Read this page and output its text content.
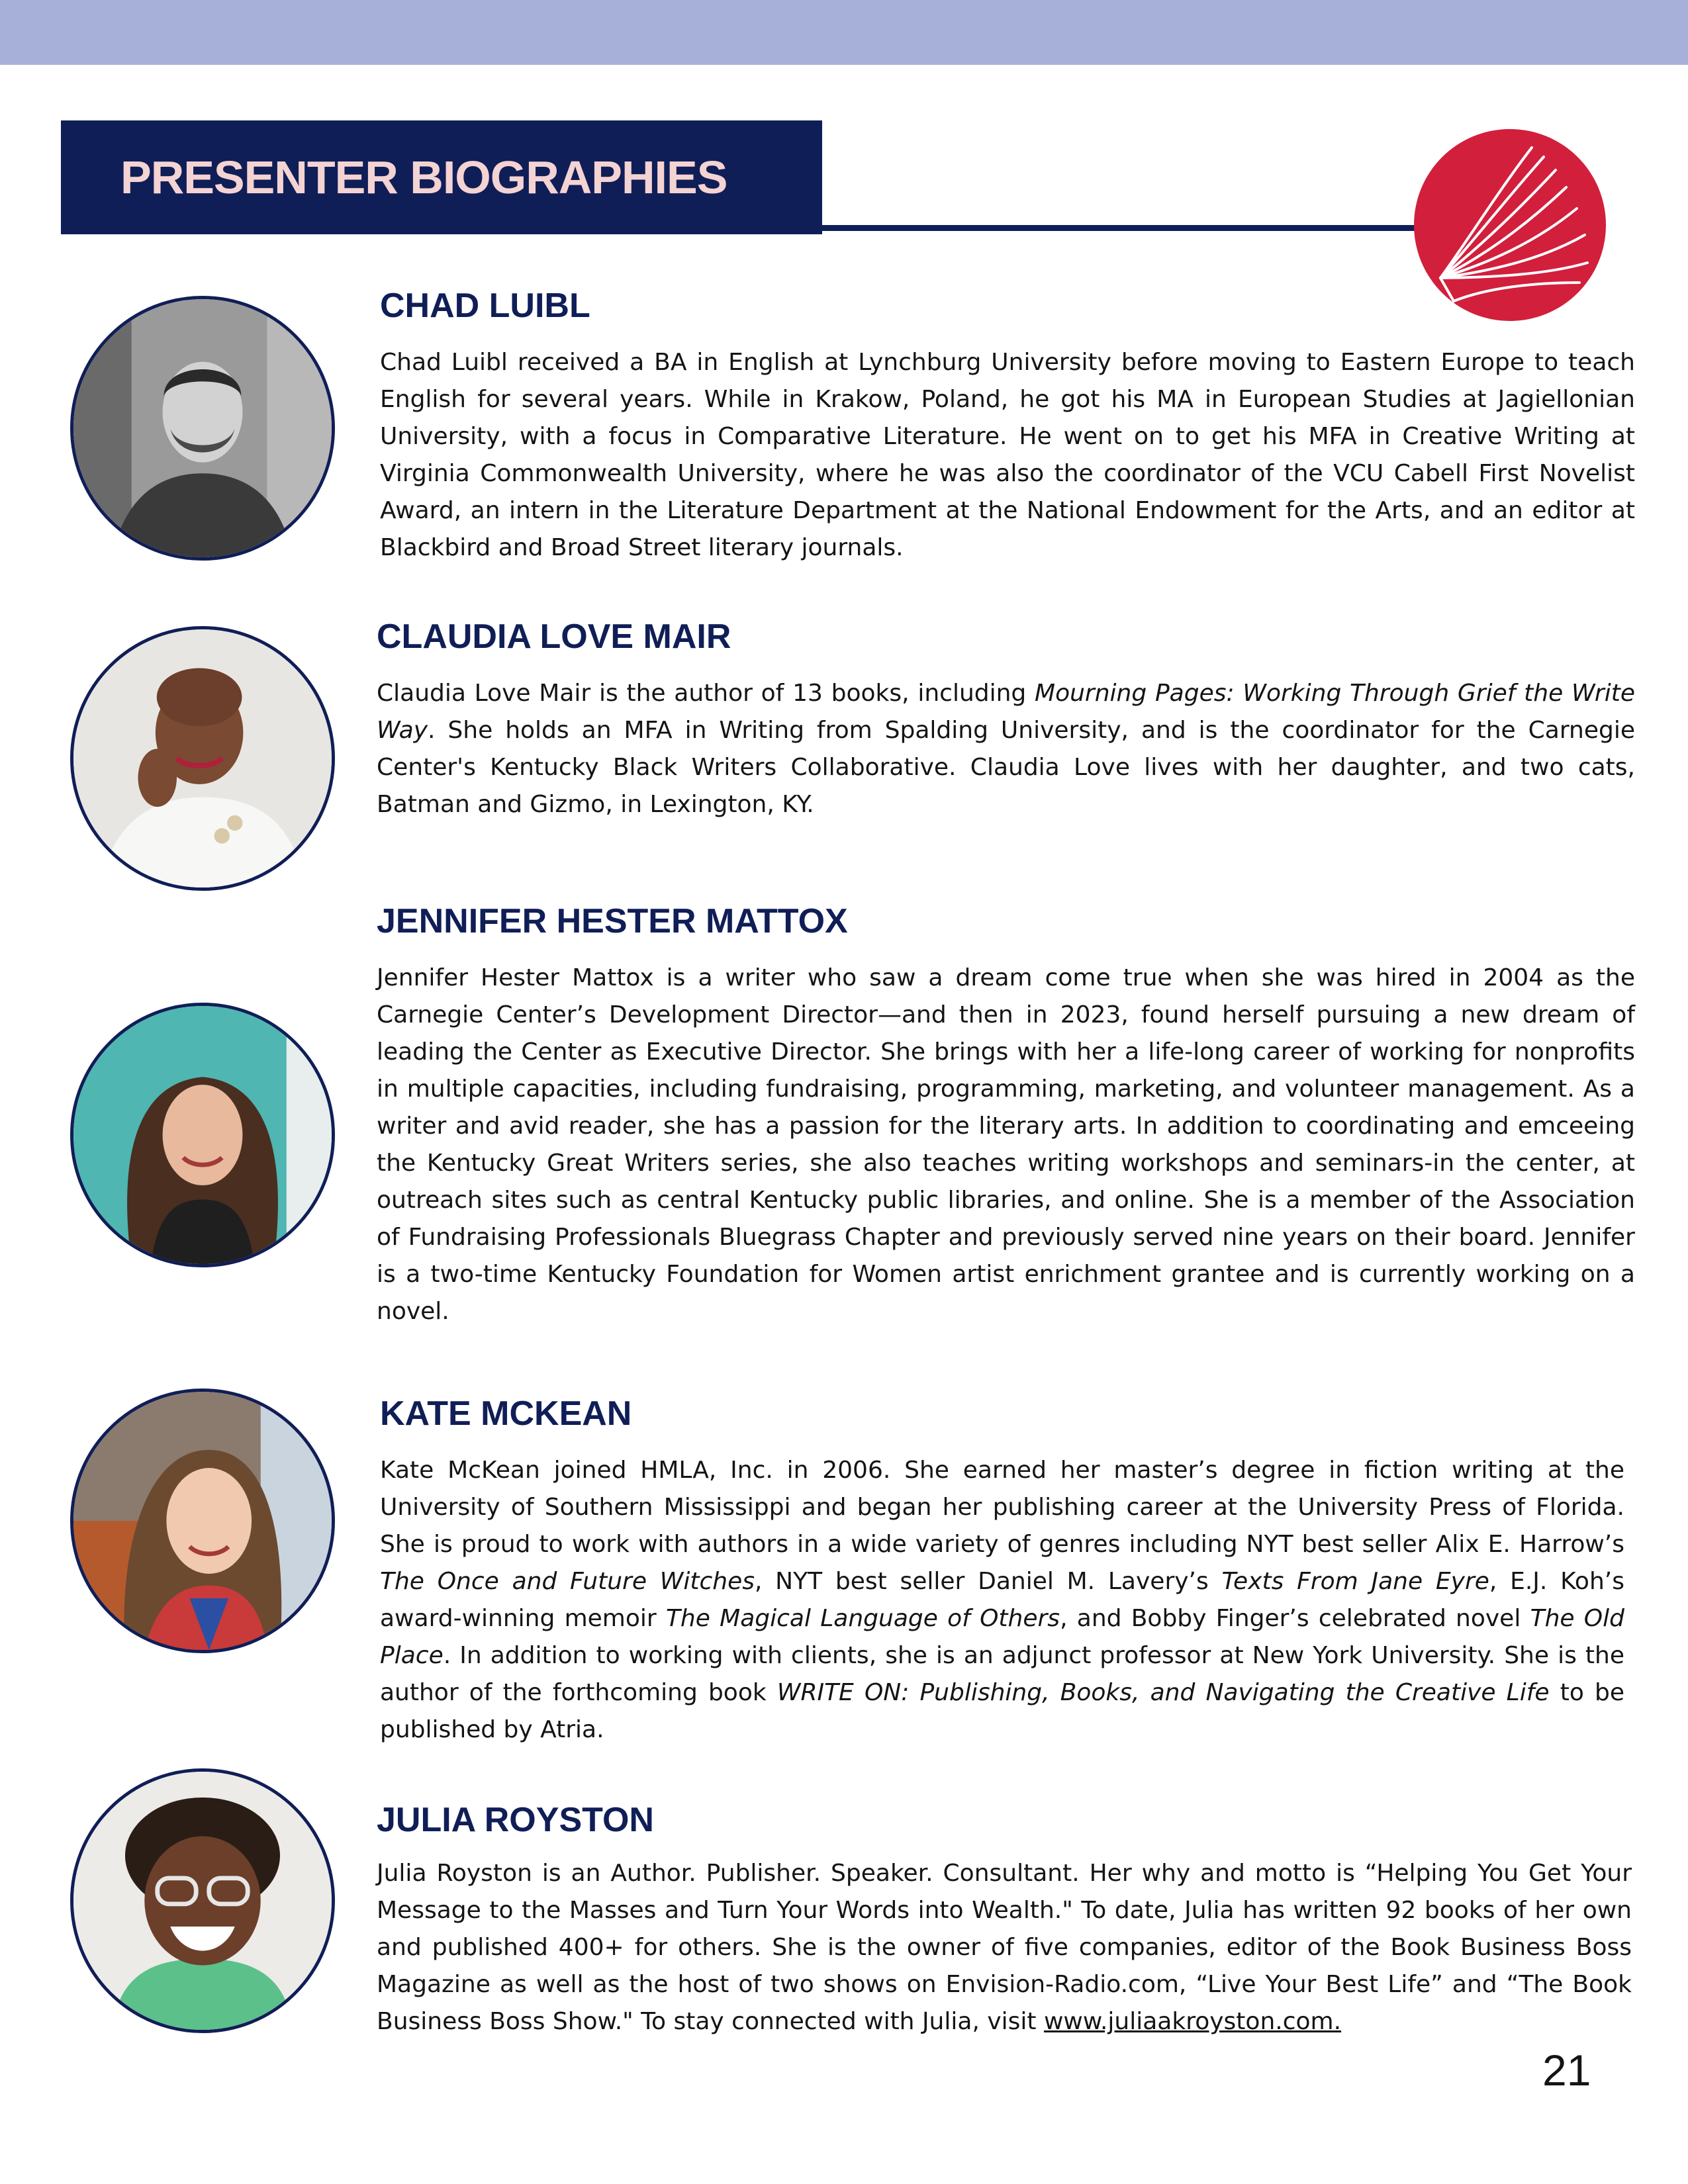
PRESENTER BIOGRAPHIES
CHAD LUIBL

Chad Luibl received a BA in English at Lynchburg University before moving to Eastern Europe to teach English for several years. While in Krakow, Poland, he got his MA in European Studies at Jagiellonian University, with a focus in Comparative Literature. He went on to get his MFA in Creative Writing at Virginia Commonwealth University, where he was also the coordinator of the VCU Cabell First Novelist Award, an intern in the Literature Department at the National Endowment for the Arts, and an editor at Blackbird and Broad Street literary journals.

CLAUDIA LOVE MAIR

Claudia Love Mair is the author of 13 books, including Mourning Pages: Working Through Grief the Write Way. She holds an MFA in Writing from Spalding University, and is the coordinator for the Carnegie Center's Kentucky Black Writers Collaborative. Claudia Love lives with her daughter, and two cats, Batman and Gizmo, in Lexington, KY.

JENNIFER HESTER MATTOX

Jennifer Hester Mattox is a writer who saw a dream come true when she was hired in 2004 as the Carnegie Center’s Development Director—and then in 2023, found herself pursuing a new dream of leading the Center as Executive Director. She brings with her a life-long career of working for nonprofits in multiple capacities, including fundraising, programming, marketing, and volunteer management. As a writer and avid reader, she has a passion for the literary arts. In addition to coordinating and emceeing the Kentucky Great Writers series, she also teaches writing workshops and seminars-in the center, at outreach sites such as central Kentucky public libraries, and online. She is a member of the Association of Fundraising Professionals Bluegrass Chapter and previously served nine years on their board. Jennifer is a two-time Kentucky Foundation for Women artist enrichment grantee and is currently working on a novel.

KATE MCKEAN

Kate McKean joined HMLA, Inc. in 2006. She earned her master’s degree in fiction writing at the University of Southern Mississippi and began her publishing career at the University Press of Florida. She is proud to work with authors in a wide variety of genres including NYT best seller Alix E. Harrow’s The Once and Future Witches, NYT best seller Daniel M. Lavery’s Texts From Jane Eyre, E.J. Koh’s award-winning memoir The Magical Language of Others, and Bobby Finger’s celebrated novel The Old Place. In addition to working with clients, she is an adjunct professor at New York University. She is the author of the forthcoming book WRITE ON: Publishing, Books, and Navigating the Creative Life to be published by Atria.

JULIA ROYSTON

Julia Royston is an Author. Publisher. Speaker. Consultant. Her why and motto is “Helping You Get Your Message to the Masses and Turn Your Words into Wealth." To date, Julia has written 92 books of her own and published 400+ for others. She is the owner of five companies, editor of the Book Business Boss Magazine as well as the host of two shows on Envision-Radio.com, “Live Your Best Life” and “The Book Business Boss Show." To stay connected with Julia, visit www.juliaakroyston.com.

21
